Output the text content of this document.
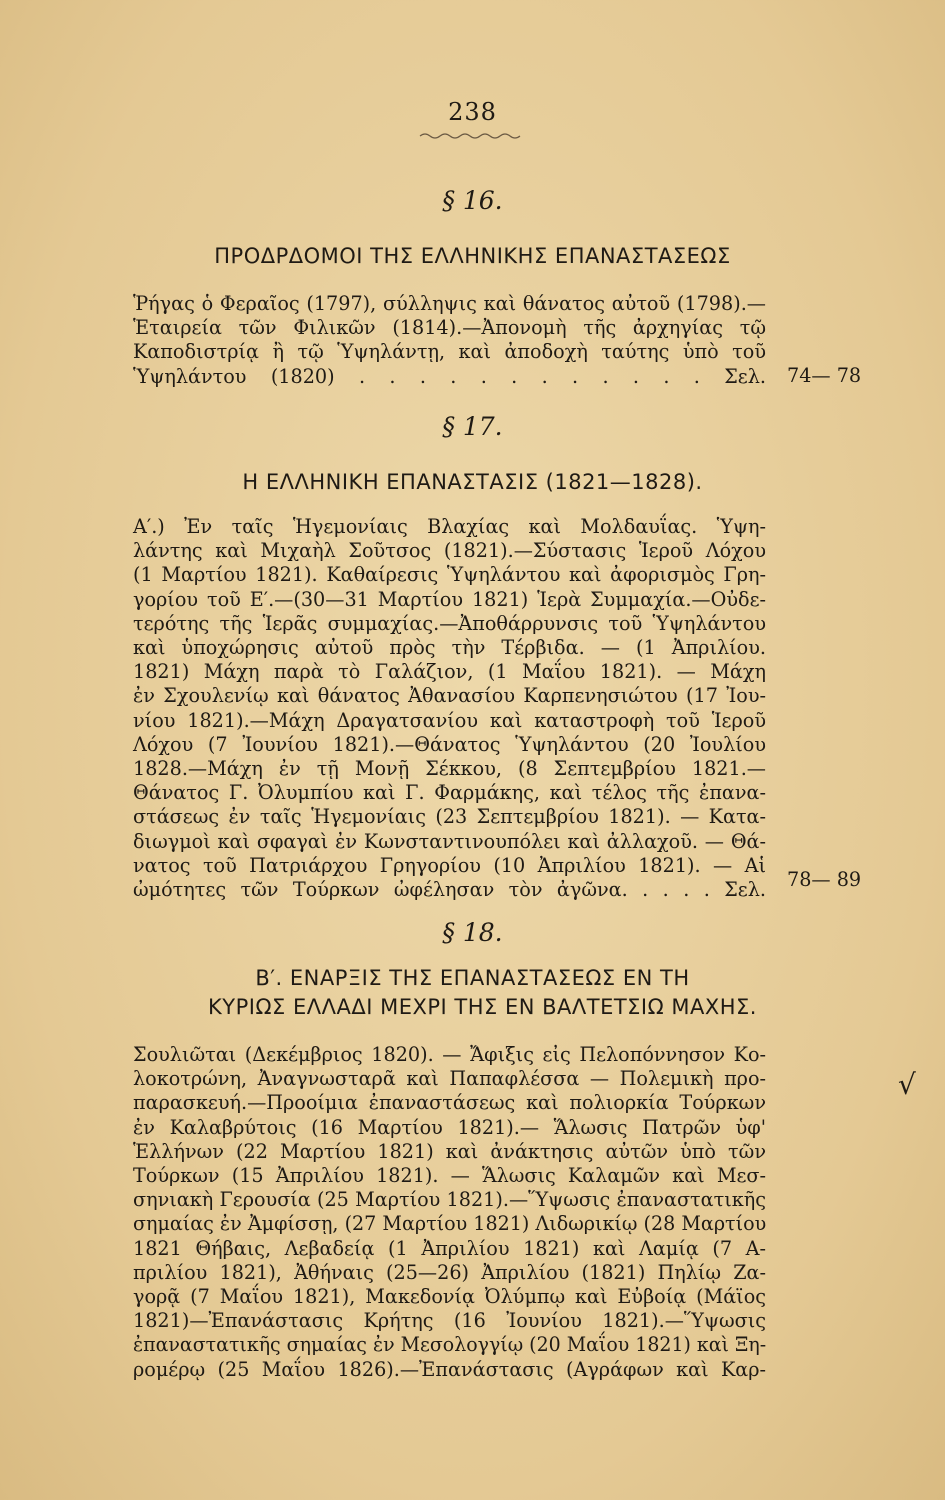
238
§ 16.
ΠΡΟΔΡΔΟΜΟΙ ΤΗΣ ΕΛΛΗΝΙΚΗΣ ΕΠΑΝΑΣΤΑΣΕΩΣ
Ῥήγας ὁ Φεραῖος (1797), σύλληψις καὶ θάνατος αὐτοῦ (1798).—
Ἑταιρεία τῶν Φιλικῶν (1814).—Ἀπονομὴ τῆς ἀρχηγίας τῷ
Καποδιστρίᾳ ἢ τῷ Ὑψηλάντῃ, καὶ ἀποδοχὴ ταύτης ὑπὸ τοῦ
Ὑψηλάντου (1820) . . . . . . . . . . . . Σελ. 74— 78
§ 17.
Η ΕΛΛΗΝΙΚΗ ΕΠΑΝΑΣΤΑΣΙΣ (1821—1828).
Α′.) Ἐν ταῖς Ἡγεμονίαις Βλαχίας καὶ Μολδαυΐας. Ὑψη-
λάντης καὶ Μιχαὴλ Σοῦτσος (1821).—Σύστασις Ἱεροῦ Λόχου
(1 Μαρτίου 1821). Καθαίρεσις Ὑψηλάντου καὶ ἀφορισμὸς Γρη-
γορίου τοῦ Ε′.—(30—31 Μαρτίου 1821) Ἱερὰ Συμμαχία.—Οὐδε-
τερότης τῆς Ἱερᾶς συμμαχίας.—Ἀποθάρρυνσις τοῦ Ὑψηλάντου
καὶ ὑποχώρησις αὐτοῦ πρὸς τὴν Τέρβιδα. — (1 Ἀπριλίου.
1821) Μάχη παρὰ τὸ Γαλάζιον, (1 Μαΐου 1821). — Μάχη
ἐν Σχουλενίῳ καὶ θάνατος Ἀθανασίου Καρπενησιώτου (17 Ἰου-
νίου 1821).—Μάχη Δραγατσανίου καὶ καταστροφὴ τοῦ Ἱεροῦ
Λόχου (7 Ἰουνίου 1821).—Θάνατος Ὑψηλάντου (20 Ἰουλίου
1828.—Μάχη ἐν τῇ Μονῇ Σέκκου, (8 Σεπτεμβρίου 1821.—
Θάνατος Γ. Ὀλυμπίου καὶ Γ. Φαρμάκης, καὶ τέλος τῆς ἐπανα-
στάσεως ἐν ταῖς Ἡγεμονίαις (23 Σεπτεμβρίου 1821). — Κατα-
διωγμοὶ καὶ σφαγαὶ ἐν Κωνσταντινουπόλει καὶ ἀλλαχοῦ. — Θά-
νατος τοῦ Πατριάρχου Γρηγορίου (10 Ἀπριλίου 1821). — Αἱ
ὠμότητες τῶν Τούρκων ὠφέλησαν τὸν ἀγῶνα. . . . . Σελ. 78— 89
§ 18.
Β′. ΕΝΑΡΞΙΣ ΤΗΣ ΕΠΑΝΑΣΤΑΣΕΩΣ ΕΝ ΤΗ
ΚΥΡΙΩΣ ΕΛΛΑΔΙ ΜΕΧΡΙ ΤΗΣ ΕΝ ΒΑΛΤΕΤΣΙΩ ΜΑΧΗΣ.
Σουλιῶται (Δεκέμβριος 1820). — Ἄφιξις εἰς Πελοπόννησον Κο-
λοκοτρώνη, Ἀναγνωσταρᾶ καὶ Παπαφλέσσα — Πολεμικὴ προ-
παρασκευή.—Προοίμια ἐπαναστάσεως καὶ πολιορκία Τούρκων
ἐν Καλαβρύτοις (16 Μαρτίου 1821).— Ἅλωσις Πατρῶν ὑφ'
Ἑλλήνων (22 Μαρτίου 1821) καὶ ἀνάκτησις αὐτῶν ὑπὸ τῶν
Τούρκων (15 Ἀπριλίου 1821). — Ἅλωσις Καλαμῶν καὶ Μεσ-
σηνιακὴ Γερουσία (25 Μαρτίου 1821).—Ὕψωσις ἐπαναστατικῆς
σημαίας ἐν Ἀμφίσσῃ, (27 Μαρτίου 1821) Λιδωρικίῳ (28 Μαρτίου
1821 Θήβαις, Λεβαδείᾳ (1 Ἀπριλίου 1821) καὶ Λαμίᾳ (7 Α-
πριλίου 1821), Ἀθήναις (25—26) Ἀπριλίου (1821) Πηλίῳ Ζα-
γορᾷ (7 Μαΐου 1821), Μακεδονίᾳ Ὀλύμπῳ καὶ Εὐβοίᾳ (Μάϊος
1821)—Ἐπανάστασις Κρήτης (16 Ἰουνίου 1821).—Ὕψωσις
ἐπαναστατικῆς σημαίας ἐν Μεσολογγίῳ (20 Μαΐου 1821) καὶ Ξη-
ρομέρῳ (25 Μαΐου 1826).—Ἐπανάστασις (Αγράφων καὶ Καρ-
√
